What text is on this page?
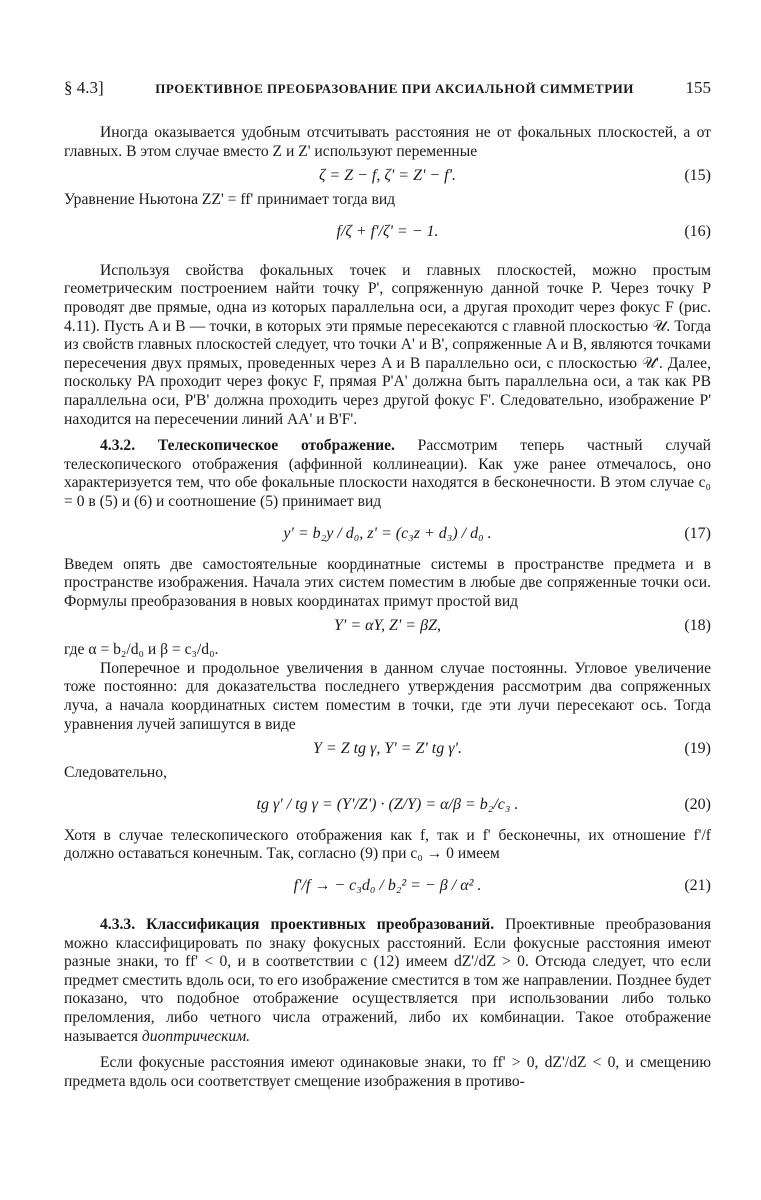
§ 4.3]	ПРОЕКТИВНОЕ ПРЕОБРАЗОВАНИЕ ПРИ АКСИАЛЬНОЙ СИММЕТРИИ	155

Иногда оказывается удобным отсчитывать расстояния не от фокальных плоскостей, а от главных. В этом случае вместо Z и Z' используют переменные

ζ = Z − f, ζ' = Z' − f'.	(15)

Уравнение Ньютона ZZ' = ff' принимает тогда вид

f/ζ + f'/ζ' = − 1.	(16)

Используя свойства фокальных точек и главных плоскостей, можно простым геометрическим построением найти точку P', сопряженную данной точке P. Через точку P проводят две прямые, одна из которых параллельна оси, а другая проходит через фокус F (рис. 4.11). Пусть A и B — точки, в которых эти прямые пересекаются с главной плоскостью 𝒰. Тогда из свойств главных плоскостей следует, что точки A' и B', сопряженные A и B, являются точками пересечения двух прямых, проведенных через A и B параллельно оси, с плоскостью 𝒰'. Далее, поскольку PA проходит через фокус F, прямая P'A' должна быть параллельна оси, а так как PB параллельна оси, P'B' должна проходить через другой фокус F'. Следовательно, изображение P' находится на пересечении линий AA' и B'F'.

4.3.2. Телескопическое отображение. Рассмотрим теперь частный случай телескопического отображения (аффинной коллинеации). Как уже ранее отмечалось, оно характеризуется тем, что обе фокальные плоскости находятся в бесконечности. В этом случае c₀ = 0 в (5) и (6) и соотношение (5) принимает вид

y' = b₂y / d₀, z' = (c₃z + d₃) / d₀ .	(17)

Введем опять две самостоятельные координатные системы в пространстве предмета и в пространстве изображения. Начала этих систем поместим в любые две сопряженные точки оси. Формулы преобразования в новых координатах примут простой вид

Y' = αY, Z' = βZ,	(18)

где α = b₂/d₀ и β = c₃/d₀.

Поперечное и продольное увеличения в данном случае постоянны. Угловое увеличение тоже постоянно: для доказательства последнего утверждения рассмотрим два сопряженных луча, а начала координатных систем поместим в точки, где эти лучи пересекают ось. Тогда уравнения лучей запишутся в виде

Y = Z tg γ, Y' = Z' tg γ'.	(19)

Следовательно,

tg γ' / tg γ = (Y'/Z') · (Z/Y) = α/β = b₂/c₃ .	(20)

Хотя в случае телескопического отображения как f, так и f' бесконечны, их отношение f'/f должно оставаться конечным. Так, согласно (9) при c₀ → 0 имеем

f'/f → − c₃d₀ / b₂² = − β / α² .	(21)

4.3.3. Классификация проективных преобразований. Проективные преобразования можно классифицировать по знаку фокусных расстояний. Если фокусные расстояния имеют разные знаки, то ff' < 0, и в соответствии с (12) имеем dZ'/dZ > 0. Отсюда следует, что если предмет сместить вдоль оси, то его изображение сместится в том же направлении. Позднее будет показано, что подобное отображение осуществляется при использовании либо только преломления, либо четного числа отражений, либо их комбинации. Такое отображение называется диоптрическим.

Если фокусные расстояния имеют одинаковые знаки, то ff' > 0, dZ'/dZ < 0, и смещению предмета вдоль оси соответствует смещение изображения в противо-
